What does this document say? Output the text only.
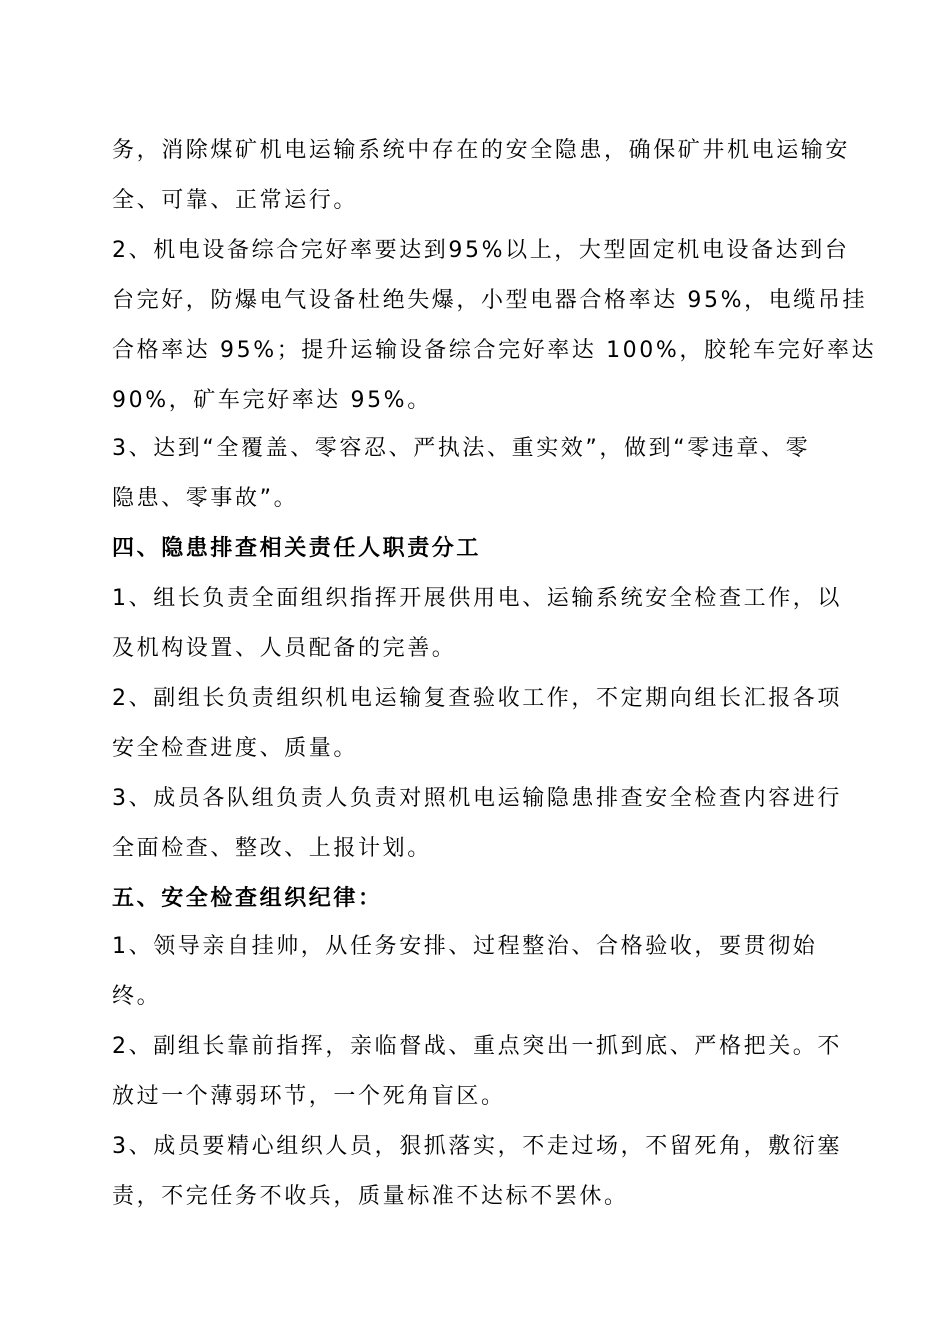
务，消除煤矿机电运输系统中存在的安全隐患，确保矿井机电运输安
全、可靠、正常运行。
2、机电设备综合完好率要达到95%以上，大型固定机电设备达到台
台完好，防爆电气设备杜绝失爆，小型电器合格率达 95%，电缆吊挂
合格率达 95%；提升运输设备综合完好率达 100%，胶轮车完好率达
90%，矿车完好率达 95%。
3、达到“全覆盖、零容忍、严执法、重实效”，做到“零违章、零
隐患、零事故”。
四、隐患排查相关责任人职责分工
1、组长负责全面组织指挥开展供用电、运输系统安全检查工作，以
及机构设置、人员配备的完善。
2、副组长负责组织机电运输复查验收工作，不定期向组长汇报各项
安全检查进度、质量。
3、成员各队组负责人负责对照机电运输隐患排查安全检查内容进行
全面检查、整改、上报计划。
五、安全检查组织纪律：
1、领导亲自挂帅，从任务安排、过程整治、合格验收，要贯彻始
终。
2、副组长靠前指挥，亲临督战、重点突出一抓到底、严格把关。不
放过一个薄弱环节，一个死角盲区。
3、成员要精心组织人员，狠抓落实，不走过场，不留死角，敷衍塞
责，不完任务不收兵，质量标准不达标不罢休。
